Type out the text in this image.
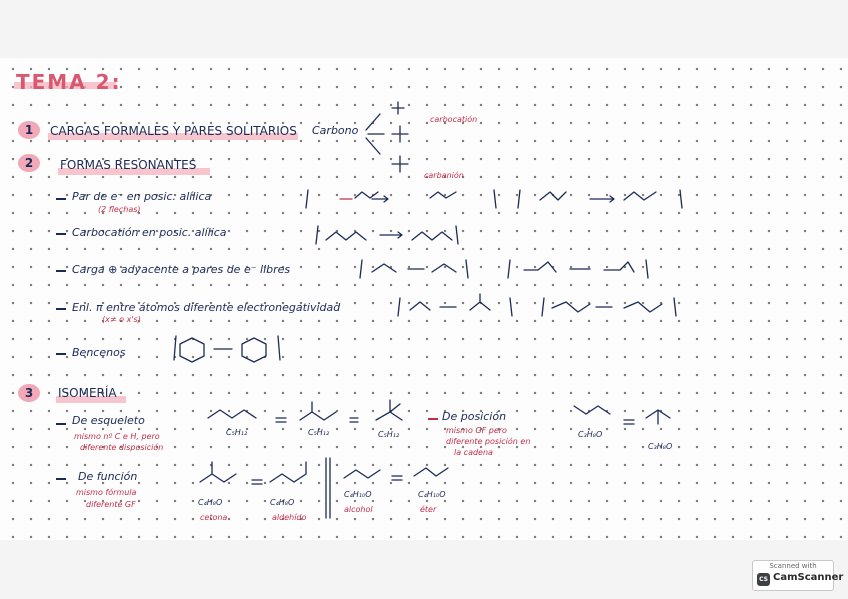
TEMA 2:
1	CARGAS FORMALES Y PARES SOLITARIOS Carbono
carbocatión
carbanión
2	FORMAS RESONANTES
Par de e⁻ en posic. alílica
(2 flechas)
Carbocatión en posic. alílica
Carga ⊕ adyacente a pares de e⁻ libres
Enl. π entre átomos diferente electronegatividad
(x≠ o x's)
Bencenos
3	ISOMERÍA
De esqueleto
mismo nº C e H, pero
diferente disposición
C₅H₁₂	C₅H₁₂	C₅H₁₂
De posición
mismo GF pero
diferente posición en
la cadena
C₃H₈O
C₃H₈O
De función
mismo fórmula
diferente GF	C₄H₈O	C₄H₈O
C₄H₁₀O	C₄H₁₀O
cetona	aldehído
alcohol	éter
Scanned with
CS CamScanner
